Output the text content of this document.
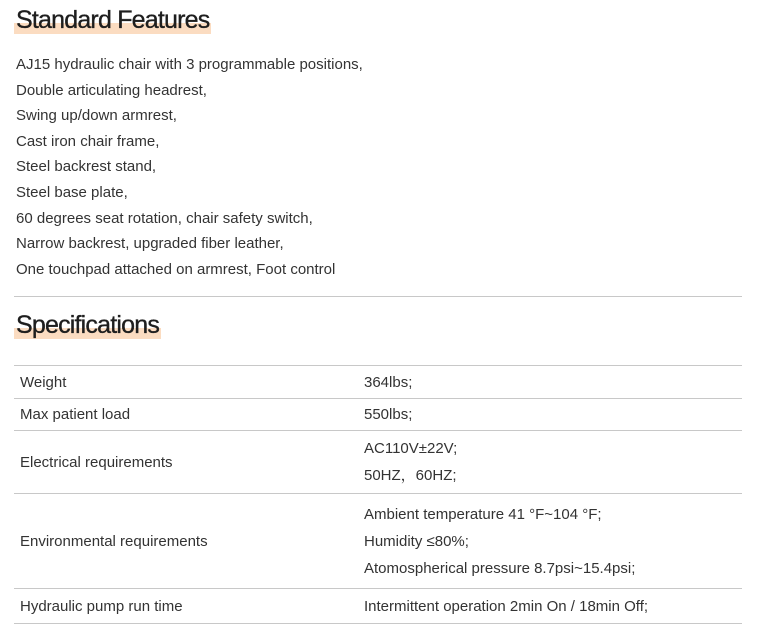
Standard Features
AJ15 hydraulic chair with 3 programmable positions,
Double articulating headrest,
Swing up/down armrest,
Cast iron chair frame,
Steel backrest stand,
Steel base plate,
60 degrees seat rotation, chair safety switch,
Narrow backrest, upgraded fiber leather,
One touchpad attached on armrest, Foot control
Specifications
Weight	364lbs;

Max patient load	550lbs;

Electrical requirements	AC110V±22V;
50HZ，60HZ;

Environmental requirements	Ambient temperature 41 °F~104 °F;
Humidity ≤80%;
Atomospherical pressure 8.7psi~15.4psi;

Hydraulic pump run time	Intermittent operation 2min On / 18min Off;
